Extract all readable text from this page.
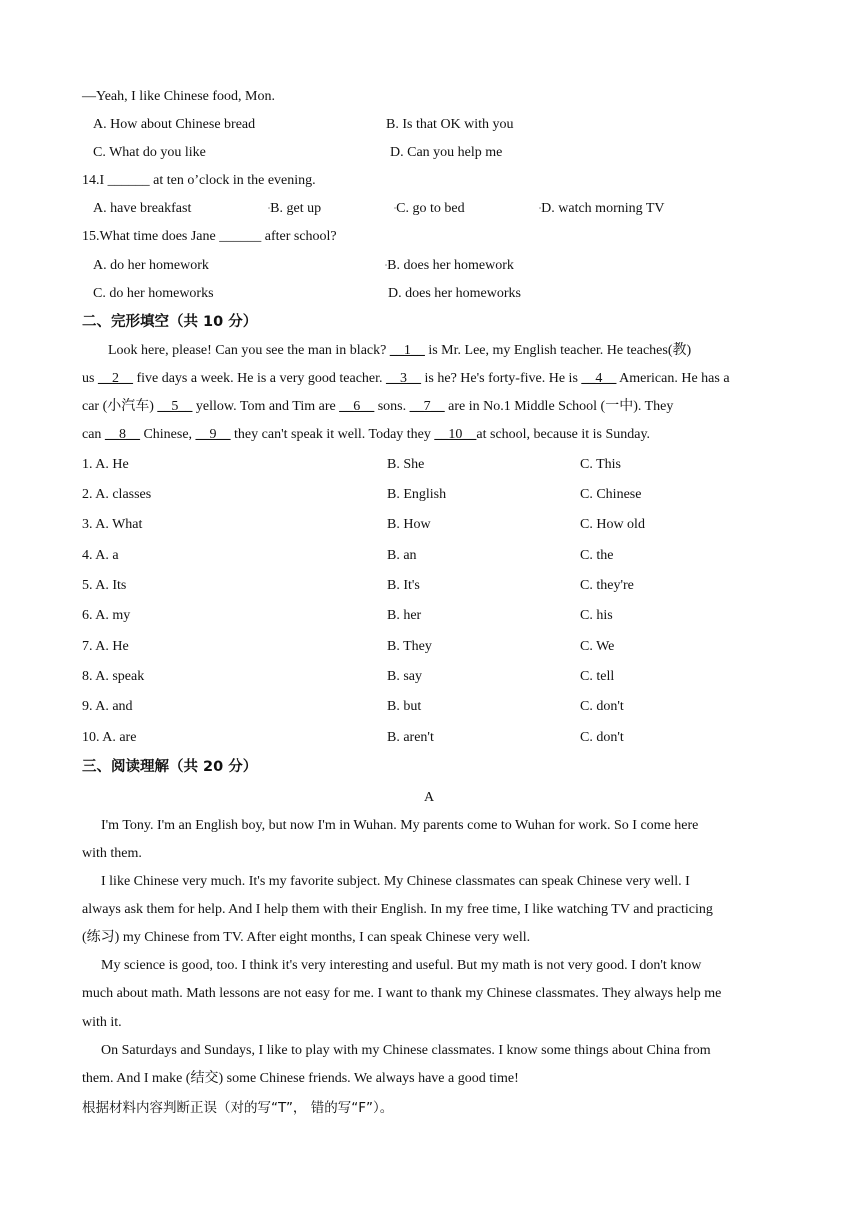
—Yeah, I like Chinese food, Mon.
A. How about Chinese bread	B. Is that OK with you
C. What do you like	D. Can you help me
14.I ______ at ten o’clock in the evening.
A. have breakfast	▫B. get up	▫C. go to bed	▫D. watch morning TV
15.What time does Jane ______ after school?
A. do her homework	▫B. does her homework
C. do her homeworks	D. does her homeworks
二、完形填空（共 10 分）
Look here, please! Can you see the man in black? __1__ is Mr. Lee, my English teacher. He teaches(教)
us __2__ five days a week. He is a very good teacher. __3__ is he? He's forty-five. He is __4__ American. He has a
car (小汽车) __5__ yellow. Tom and Tim are __6__ sons. __7__ are in No.1 Middle School (一中). They
can __8__ Chinese, __9__ they can't speak it well. Today they __10__at school, because it is Sunday.
1. A. He	B. She	C. This
2. A. classes	B. English	C. Chinese
3. A. What	B. How	C. How old
4. A. a	B. an	C. the
5. A. Its	B. It's	C. they're
6. A. my	B. her	C. his
7. A. He	B. They	C. We
8. A. speak	B. say	C. tell
9. A. and	B. but	C. don't
10. A. are	B. aren't	C. don't
三、阅读理解（共 20 分）
A
I'm Tony. I'm an English boy, but now I'm in Wuhan. My parents come to Wuhan for work. So I come here
with them.
I like Chinese very much. It's my favorite subject. My Chinese classmates can speak Chinese very well. I
always ask them for help. And I help them with their English. In my free time, I like watching TV and practicing
(练习) my Chinese from TV. After eight months, I can speak Chinese very well.
My science is good, too. I think it's very interesting and useful. But my math is not very good. I don't know
much about math. Math lessons are not easy for me. I want to thank my Chinese classmates. They always help me
with it.
On Saturdays and Sundays, I like to play with my Chinese classmates. I know some things about China from
them. And I make (结交) some Chinese friends. We always have a good time!
根据材料内容判断正误（对的写“T”， 错的写“F”）。
